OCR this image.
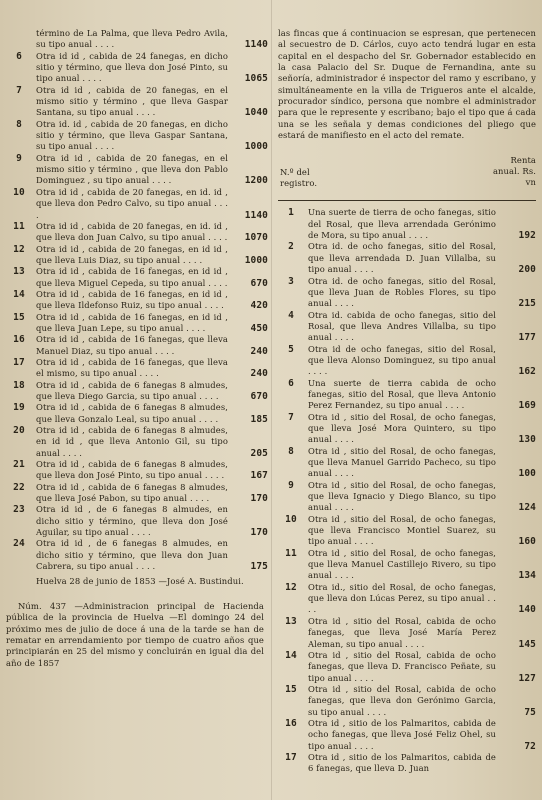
término de La Palma, que lleva Pedro Avila, su tipo anual . . . .	1140
6	Otra id id , cabida de 24 fanegas, en dicho sitio y término, que lleva don José Pinto, su tipo anual . . . .	1065
7	Otra id id , cabida de 20 fanegas, en el mismo sitio y término , que lleva Gaspar Santana, su tipo anual . . . .	1040
8	Otra id. id , cabida de 20 fanegas, en dicho sitio y término, que lleva Gaspar Santana, su tipo anual . . . .	1000
9	Otra id id , cabida de 20 fanegas, en el mismo sitio y término , que lleva don Pablo Dominguez , su tipo anual . . . .	1200
10	Otra id id , cabida de 20 fanegas, en id. id , que lleva don Pedro Calvo, su tipo anual . . . .	1140
11	Otra id id , cabida de 20 fanegas, en id. id , que lleva don Juan Calvo, su tipo anual . . . .	1070
12	Otra id id , cabida de 20 fanegas, en id id , que lleva Luis Diaz, su tipo anual . . . .	1000
13	Otra id id , cabida de 16 fanegas, en id id , que lleva Miguel Cepeda, su tipo anual . . . .	670
14	Otra id id , cabida de 16 fanegas, en id id , que lleva Ildefonso Ruiz, su tipo anual . . . .	420
15	Otra id id , cabida de 16 fanegas, en id id , que lleva Juan Lepe, su tipo anual . . . .	450
16	Otra id id , cabida de 16 fanegas, que lleva Manuel Diaz, su tipo anual . . . .	240
17	Otra id id , cabida de 16 fanegas, que lleva el mismo, su tipo anual . . . .	240
18	Otra id id , cabida de 6 fanegas 8 almudes, que lleva Diego Garcia, su tipo anual . . . .	670
19	Otra id id , cabida de 6 fanegas 8 almudes, que lleva Gonzalo Leal, su tipo anual . . . .	185
20	Otra id id , cabida de 6 fanegas 8 almudes, en id id , que lleva Antonio Gil, su tipo anual . . . .	205
21	Otra id id , cabida de 6 fanegas 8 almudes, que lleva don José Pinto, su tipo anual . . . .	167
22	Otra id id , cabida de 6 fanegas 8 almudes, que lleva José Pabon, su tipo anual . . . .	170
23	Otra id id , de 6 fanegas 8 almudes, en dicho sitio y término, que lleva don José Aguilar, su tipo anual . . . .	170
24	Otra id id , de 6 fanegas 8 almudes, en dicho sitio y término, que lleva don Juan Cabrera, su tipo anual . . . .	175
Huelva 28 de junio de 1853 —José A. Bustindui.
Núm. 437 —Administracion principal de Hacienda pública de la provincia de Huelva —El domingo 24 del próximo mes de julio de doce á una de la tarde se han de rematar en arrendamiento por tiempo de cuatro años que principiarán en 25 del mismo y concluirán en igual dia del año de 1857
las fincas que á continuacion se espresan, que pertenecen al secuestro de D. Cárlos, cuyo acto tendrá lugar en esta capital en el despacho del Sr. Gobernador establecido en la casa Palacio del Sr. Duque de Fernandina, ante su señoría, administrador é inspector del ramo y escribano, y simultáneamente en la villa de Trigueros ante el alcalde, procurador síndico, persona que nombre el administrador para que le represente y escribano; bajo el tipo que á cada una se les señala y demas condiciones del pliego que estará de manifiesto en el acto del remate.
N.º del registro.
Renta anual. Rs. vn
1	Una suerte de tierra de ocho fanegas, sitio del Rosal, que lleva arrendada Gerónimo de Mora, su tipo anual . . . .	192
2	Otra id. de ocho fanegas, sitio del Rosal, que lleva arrendada D. Juan Villalba, su tipo anual . . . .	200
3	Otra id. de ocho fanegas, sitio del Rosal, que lleva Juan de Robles Flores, su tipo anual . . . .	215
4	Otra id. cabida de ocho fanegas, sitio del Rosal, que lleva Andres Villalba, su tipo anual . . . .	177
5	Otra id de ocho fanegas, sitio del Rosal, que lleva Alonso Dominguez, su tipo anual . . . .	162
6	Una suerte de tierra cabida de ocho fanegas, sitio del Rosal, que lleva Antonio Perez Fernandez, su tipo anual . . . .	169
7	Otra id , sitio del Rosal, de ocho fanegas, que lleva José Mora Quintero, su tipo anual . . . .	130
8	Otra id , sitio del Rosal, de ocho fanegas, que lleva Manuel Garrido Pacheco, su tipo anual . . . .	100
9	Otra id , sitio del Rosal, de ocho fanegas, que lleva Ignacio y Diego Blanco, su tipo anual . . . .	124
10	Otra id , sitio del Rosal, de ocho fanegas, que lleva Francisco Montiel Suarez, su tipo anual . . . .	160
11	Otra id , sitio del Rosal, de ocho fanegas, que lleva Manuel Castillejo Rivero, su tipo anual . . . .	134
12	Otra id., sitio del Rosal, de ocho fanegas, que lleva don Lúcas Perez, su tipo anual . . . .	140
13	Otra id , sitio del Rosal, cabida de ocho fanegas, que lleva José María Perez Aleman, su tipo anual . . . .	145
14	Otra id , sitio del Rosal, cabida de ocho fanegas, que lleva D. Francisco Peñate, su tipo anual . . . .	127
15	Otra id , sitio del Rosal, cabida de ocho fanegas, que lleva don Gerónimo Garcia, su tipo anual . . . .	75
16	Otra id , sitio de los Palmaritos, cabida de ocho fanegas, que lleva José Feliz Ohel, su tipo anual . . . .	72
17	Otra id , sitio de los Palmaritos, cabida de 6 fanegas, que lleva D. Juan
